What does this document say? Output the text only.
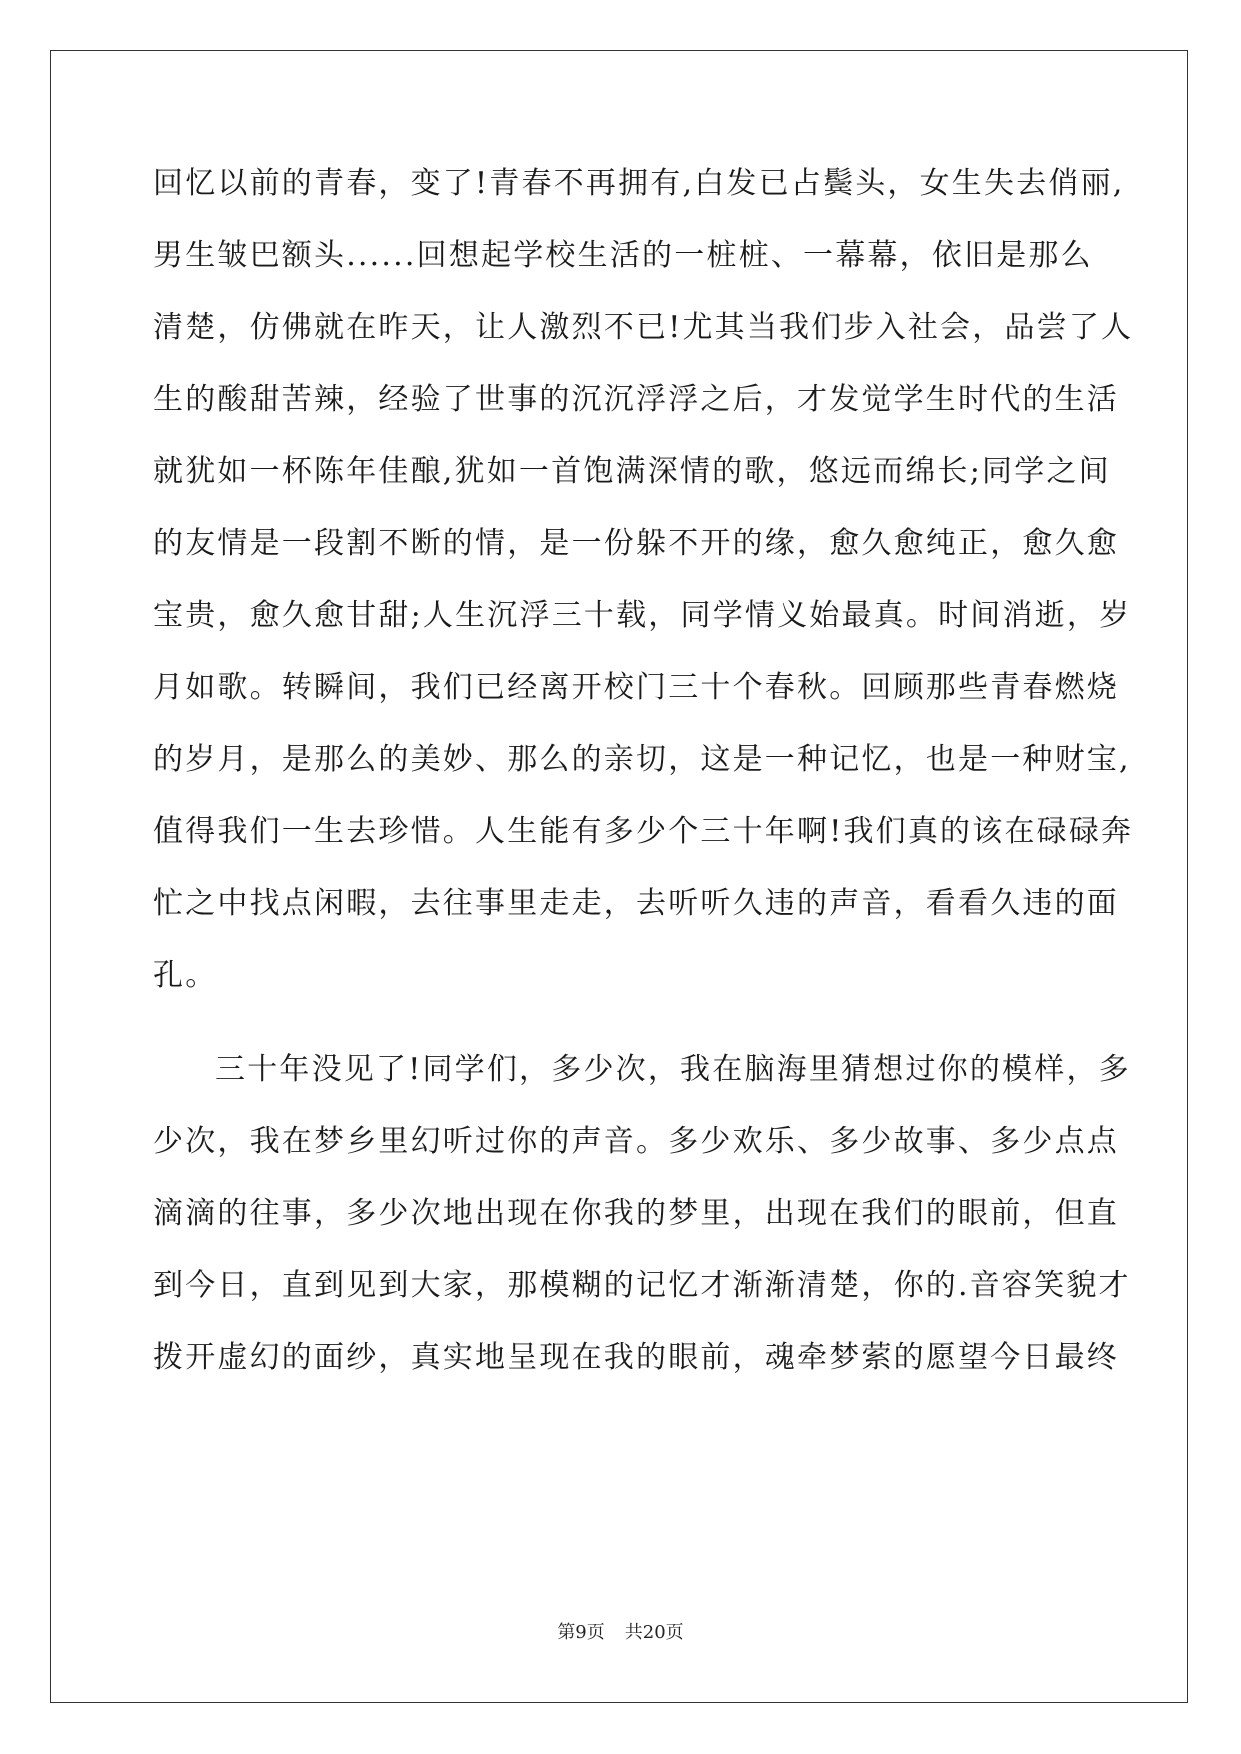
回忆以前的青春，变了!青春不再拥有,白发已占鬓头，女生失去俏丽,
男生皱巴额头......回想起学校生活的一桩桩、一幕幕，依旧是那么
清楚，仿佛就在昨天，让人激烈不已!尤其当我们步入社会，品尝了人
生的酸甜苦辣，经验了世事的沉沉浮浮之后，才发觉学生时代的生活
就犹如一杯陈年佳酿,犹如一首饱满深情的歌，悠远而绵长;同学之间
的友情是一段割不断的情，是一份躲不开的缘，愈久愈纯正，愈久愈
宝贵，愈久愈甘甜;人生沉浮三十载，同学情义始最真。时间消逝，岁
月如歌。转瞬间，我们已经离开校门三十个春秋。回顾那些青春燃烧
的岁月，是那么的美妙、那么的亲切，这是一种记忆，也是一种财宝,
值得我们一生去珍惜。人生能有多少个三十年啊!我们真的该在碌碌奔
忙之中找点闲暇，去往事里走走，去听听久违的声音，看看久违的面
孔。
三十年没见了!同学们，多少次，我在脑海里猜想过你的模样，多
少次，我在梦乡里幻听过你的声音。多少欢乐、多少故事、多少点点
滴滴的往事，多少次地出现在你我的梦里，出现在我们的眼前，但直
到今日，直到见到大家，那模糊的记忆才渐渐清楚，你的.音容笑貌才
拨开虚幻的面纱，真实地呈现在我的眼前，魂牵梦萦的愿望今日最终
第9页 共20页
